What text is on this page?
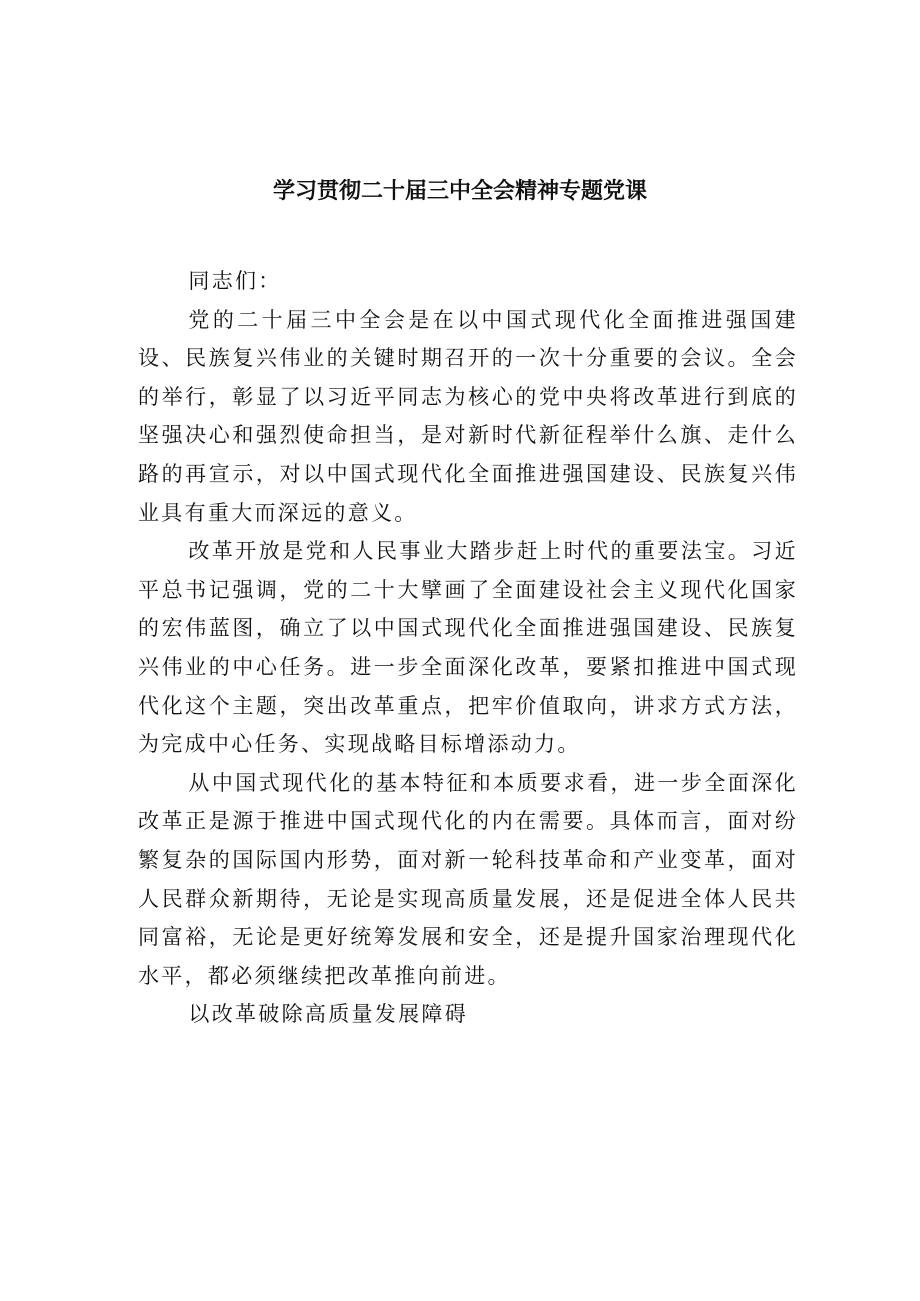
学习贯彻二十届三中全会精神专题党课

同志们：

党的二十届三中全会是在以中国式现代化全面推进强国建设、民族复兴伟业的关键时期召开的一次十分重要的会议。全会的举行，彰显了以习近平同志为核心的党中央将改革进行到底的坚强决心和强烈使命担当，是对新时代新征程举什么旗、走什么路的再宣示，对以中国式现代化全面推进强国建设、民族复兴伟业具有重大而深远的意义。

改革开放是党和人民事业大踏步赶上时代的重要法宝。习近平总书记强调，党的二十大擘画了全面建设社会主义现代化国家的宏伟蓝图，确立了以中国式现代化全面推进强国建设、民族复兴伟业的中心任务。进一步全面深化改革，要紧扣推进中国式现代化这个主题，突出改革重点，把牢价值取向，讲求方式方法，为完成中心任务、实现战略目标增添动力。

从中国式现代化的基本特征和本质要求看，进一步全面深化改革正是源于推进中国式现代化的内在需要。具体而言，面对纷繁复杂的国际国内形势，面对新一轮科技革命和产业变革，面对人民群众新期待，无论是实现高质量发展，还是促进全体人民共同富裕，无论是更好统筹发展和安全，还是提升国家治理现代化水平，都必须继续把改革推向前进。

以改革破除高质量发展障碍
